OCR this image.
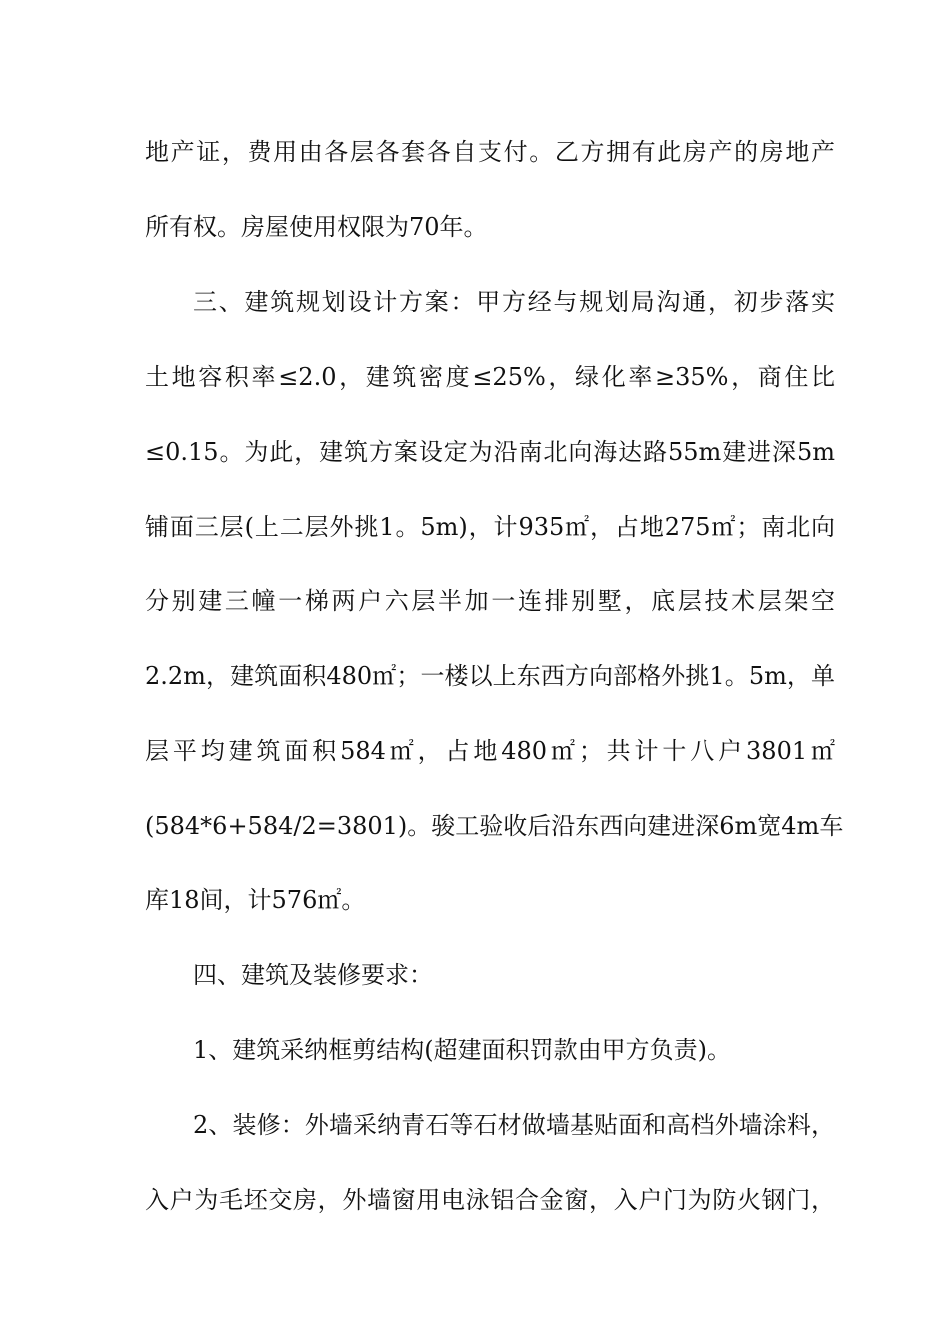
地产证，费用由各层各套各自支付。乙方拥有此房产的房地产
所有权。房屋使用权限为70年。
三、建筑规划设计方案：甲方经与规划局沟通，初步落实
土地容积率≤2.0，建筑密度≤25%，绿化率≥35%，商住比
≤0.15。为此，建筑方案设定为沿南北向海达路55m建进深5m
铺面三层(上二层外挑1。5m)，计935㎡，占地275㎡；南北向
分别建三幢一梯两户六层半加一连排别墅，底层技术层架空
2.2m，建筑面积480㎡；一楼以上东西方向部格外挑1。5m，单
层平均建筑面积584㎡，占地480㎡；共计十八户3801㎡
(584*6+584/2=3801)。骏工验收后沿东西向建进深6m宽4m车
库18间，计576㎡。
四、建筑及装修要求：
1、建筑采纳框剪结构(超建面积罚款由甲方负责)。
2、装修：外墙采纳青石等石材做墙基贴面和高档外墙涂料，
入户为毛坯交房，外墙窗用电泳铝合金窗，入户门为防火钢门，
